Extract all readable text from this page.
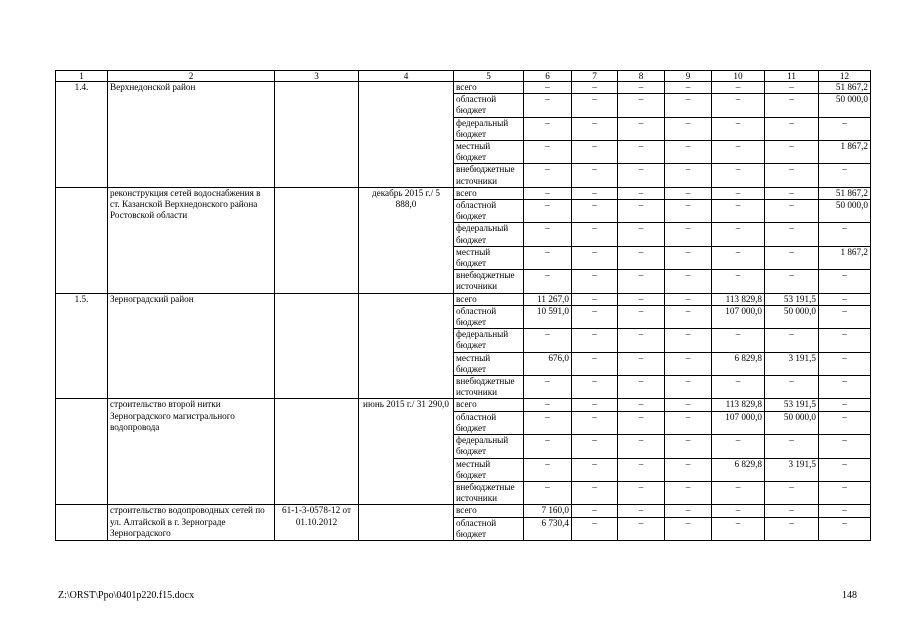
1	2	3	4	5	6	7	8	9	10	11	12
1.4.	Верхнедонской район			всего	–	–	–	–	–	–	51 867,2
				областной бюджет	–	–	–	–	–	–	50 000,0
				федеральный бюджет	–	–	–	–	–	–	–
				местный бюджет	–	–	–	–	–	–	1 867,2
				внебюджетные источники	–	–	–	–	–	–	–
	реконструкция сетей водоснабжения в ст. Казанской Верхнедонского района Ростовской области		декабрь 2015 г./ 5 888,0	всего	–	–	–	–	–	–	51 867,2
				областной бюджет	–	–	–	–	–	–	50 000,0
				федеральный бюджет	–	–	–	–	–	–	–
				местный бюджет	–	–	–	–	–	–	1 867,2
				внебюджетные источники	–	–	–	–	–	–	–
1.5.	Зерноградский район			всего	11 267,0	–	–	–	113 829,8	53 191,5	–
				областной бюджет	10 591,0	–	–	–	107 000,0	50 000,0	–
				федеральный бюджет	–	–	–	–	–	–	–
				местный бюджет	676,0	–	–	–	6 829,8	3 191,5	–
				внебюджетные источники	–	–	–	–	–	–	–
	строительство второй нитки Зерноградского магистрального водопровода		июнь 2015 г./ 31 290,0	всего	–	–	–	–	113 829,8	53 191,5	–
				областной бюджет	–	–	–	–	107 000,0	50 000,0	–
				федеральный бюджет	–	–	–	–	–	–	–
				местный бюджет	–	–	–	–	6 829,8	3 191,5	–
				внебюджетные источники	–	–	–	–	–	–	–
	строительство водопроводных сетей по ул. Алтайской в г. Зернограде Зерноградского	61-1-3-0578-12 от 01.10.2012		всего	7 160,0	–	–	–	–	–	–
				областной бюджет	6 730,4	–	–	–	–	–	–
Z:\ORST\Ppo\0401p220.f15.docx	148
